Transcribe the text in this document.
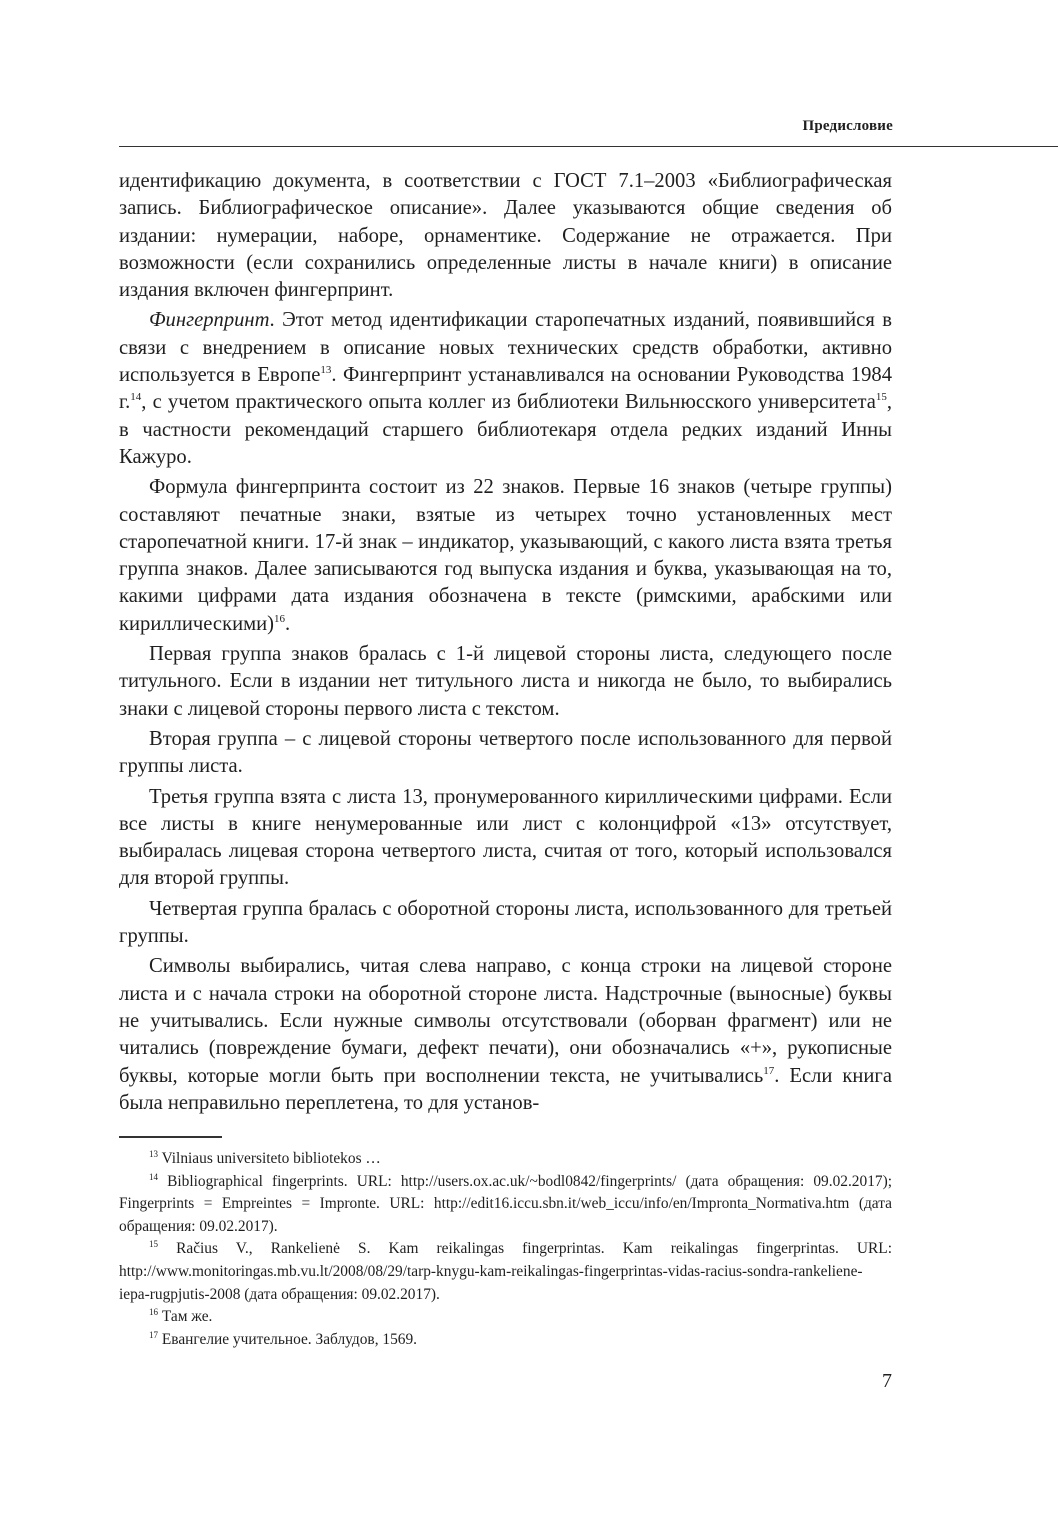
Предисловие

идентификацию документа, в соответствии с ГОСТ 7.1–2003 «Библиографическая запись. Библиографическое описание». Далее указываются общие сведения об издании: нумерации, наборе, орнаментике. Содержание не отражается. При возможности (если сохранились определенные листы в начале книги) в описание издания включен фингерпринт.

Фингерпринт. Этот метод идентификации старопечатных изданий, появившийся в связи с внедрением в описание новых технических средств обработки, активно используется в Европе$^{13}$. Фингерпринт устанавливался на основании Руководства 1984 г.$^{14}$, с учетом практического опыта коллег из библиотеки Вильнюсского университета$^{15}$, в частности рекомендаций старшего библиотекаря отдела редких изданий Инны Кажуро.

Формула фингерпринта состоит из 22 знаков. Первые 16 знаков (четыре группы) составляют печатные знаки, взятые из четырех точно установленных мест старопечатной книги. 17-й знак – индикатор, указывающий, с какого листа взята третья группа знаков. Далее записываются год выпуска издания и буква, указывающая на то, какими цифрами дата издания обозначена в тексте (римскими, арабскими или кириллическими)$^{16}$.

Первая группа знаков бралась с 1-й лицевой стороны листа, следующего после титульного. Если в издании нет титульного листа и никогда не было, то выбирались знаки с лицевой стороны первого листа с текстом.

Вторая группа – с лицевой стороны четвертого после использованного для первой группы листа.

Третья группа взята с листа 13, пронумерованного кириллическими цифрами. Если все листы в книге ненумерованные или лист с колонцифрой «13» отсутствует, выбиралась лицевая сторона четвертого листа, считая от того, который использовался для второй группы.

Четвертая группа бралась с оборотной стороны листа, использованного для третьей группы.

Символы выбирались, читая слева направо, с конца строки на лицевой стороне листа и с начала строки на оборотной стороне листа. Надстрочные (выносные) буквы не учитывались. Если нужные символы отсутствовали (оборван фрагмент) или не читались (повреждение бумаги, дефект печати), они обозначались «+», рукописные буквы, которые могли быть при восполнении текста, не учитывались$^{17}$. Если книга была неправильно переплетена, то для установ-

$^{13}$ Vilniaus universiteto bibliotekos …

$^{14}$ Bibliographical fingerprints. URL: http://users.ox.ac.uk/~bodl0842/fingerprints/ (дата обращения: 09.02.2017); Fingerprints = Empreintes = Impronte. URL: http://edit16.iccu.sbn.it/web_iccu/info/en/Impronta_Normativa.htm (дата обращения: 09.02.2017).

$^{15}$ Račius V., Rankelienė S. Kam reikalingas fingerprintas. Kam reikalingas fingerprintas. URL: http://www.monitoringas.mb.vu.lt/2008/08/29/tarp-knygu-kam-reikalingas-fingerprintas-vidas-racius-sondra-rankeliene-iepa-rugpjutis-2008 (дата обращения: 09.02.2017).

$^{16}$ Там же.

$^{17}$ Евангелие учительное. Заблудов, 1569.

7
